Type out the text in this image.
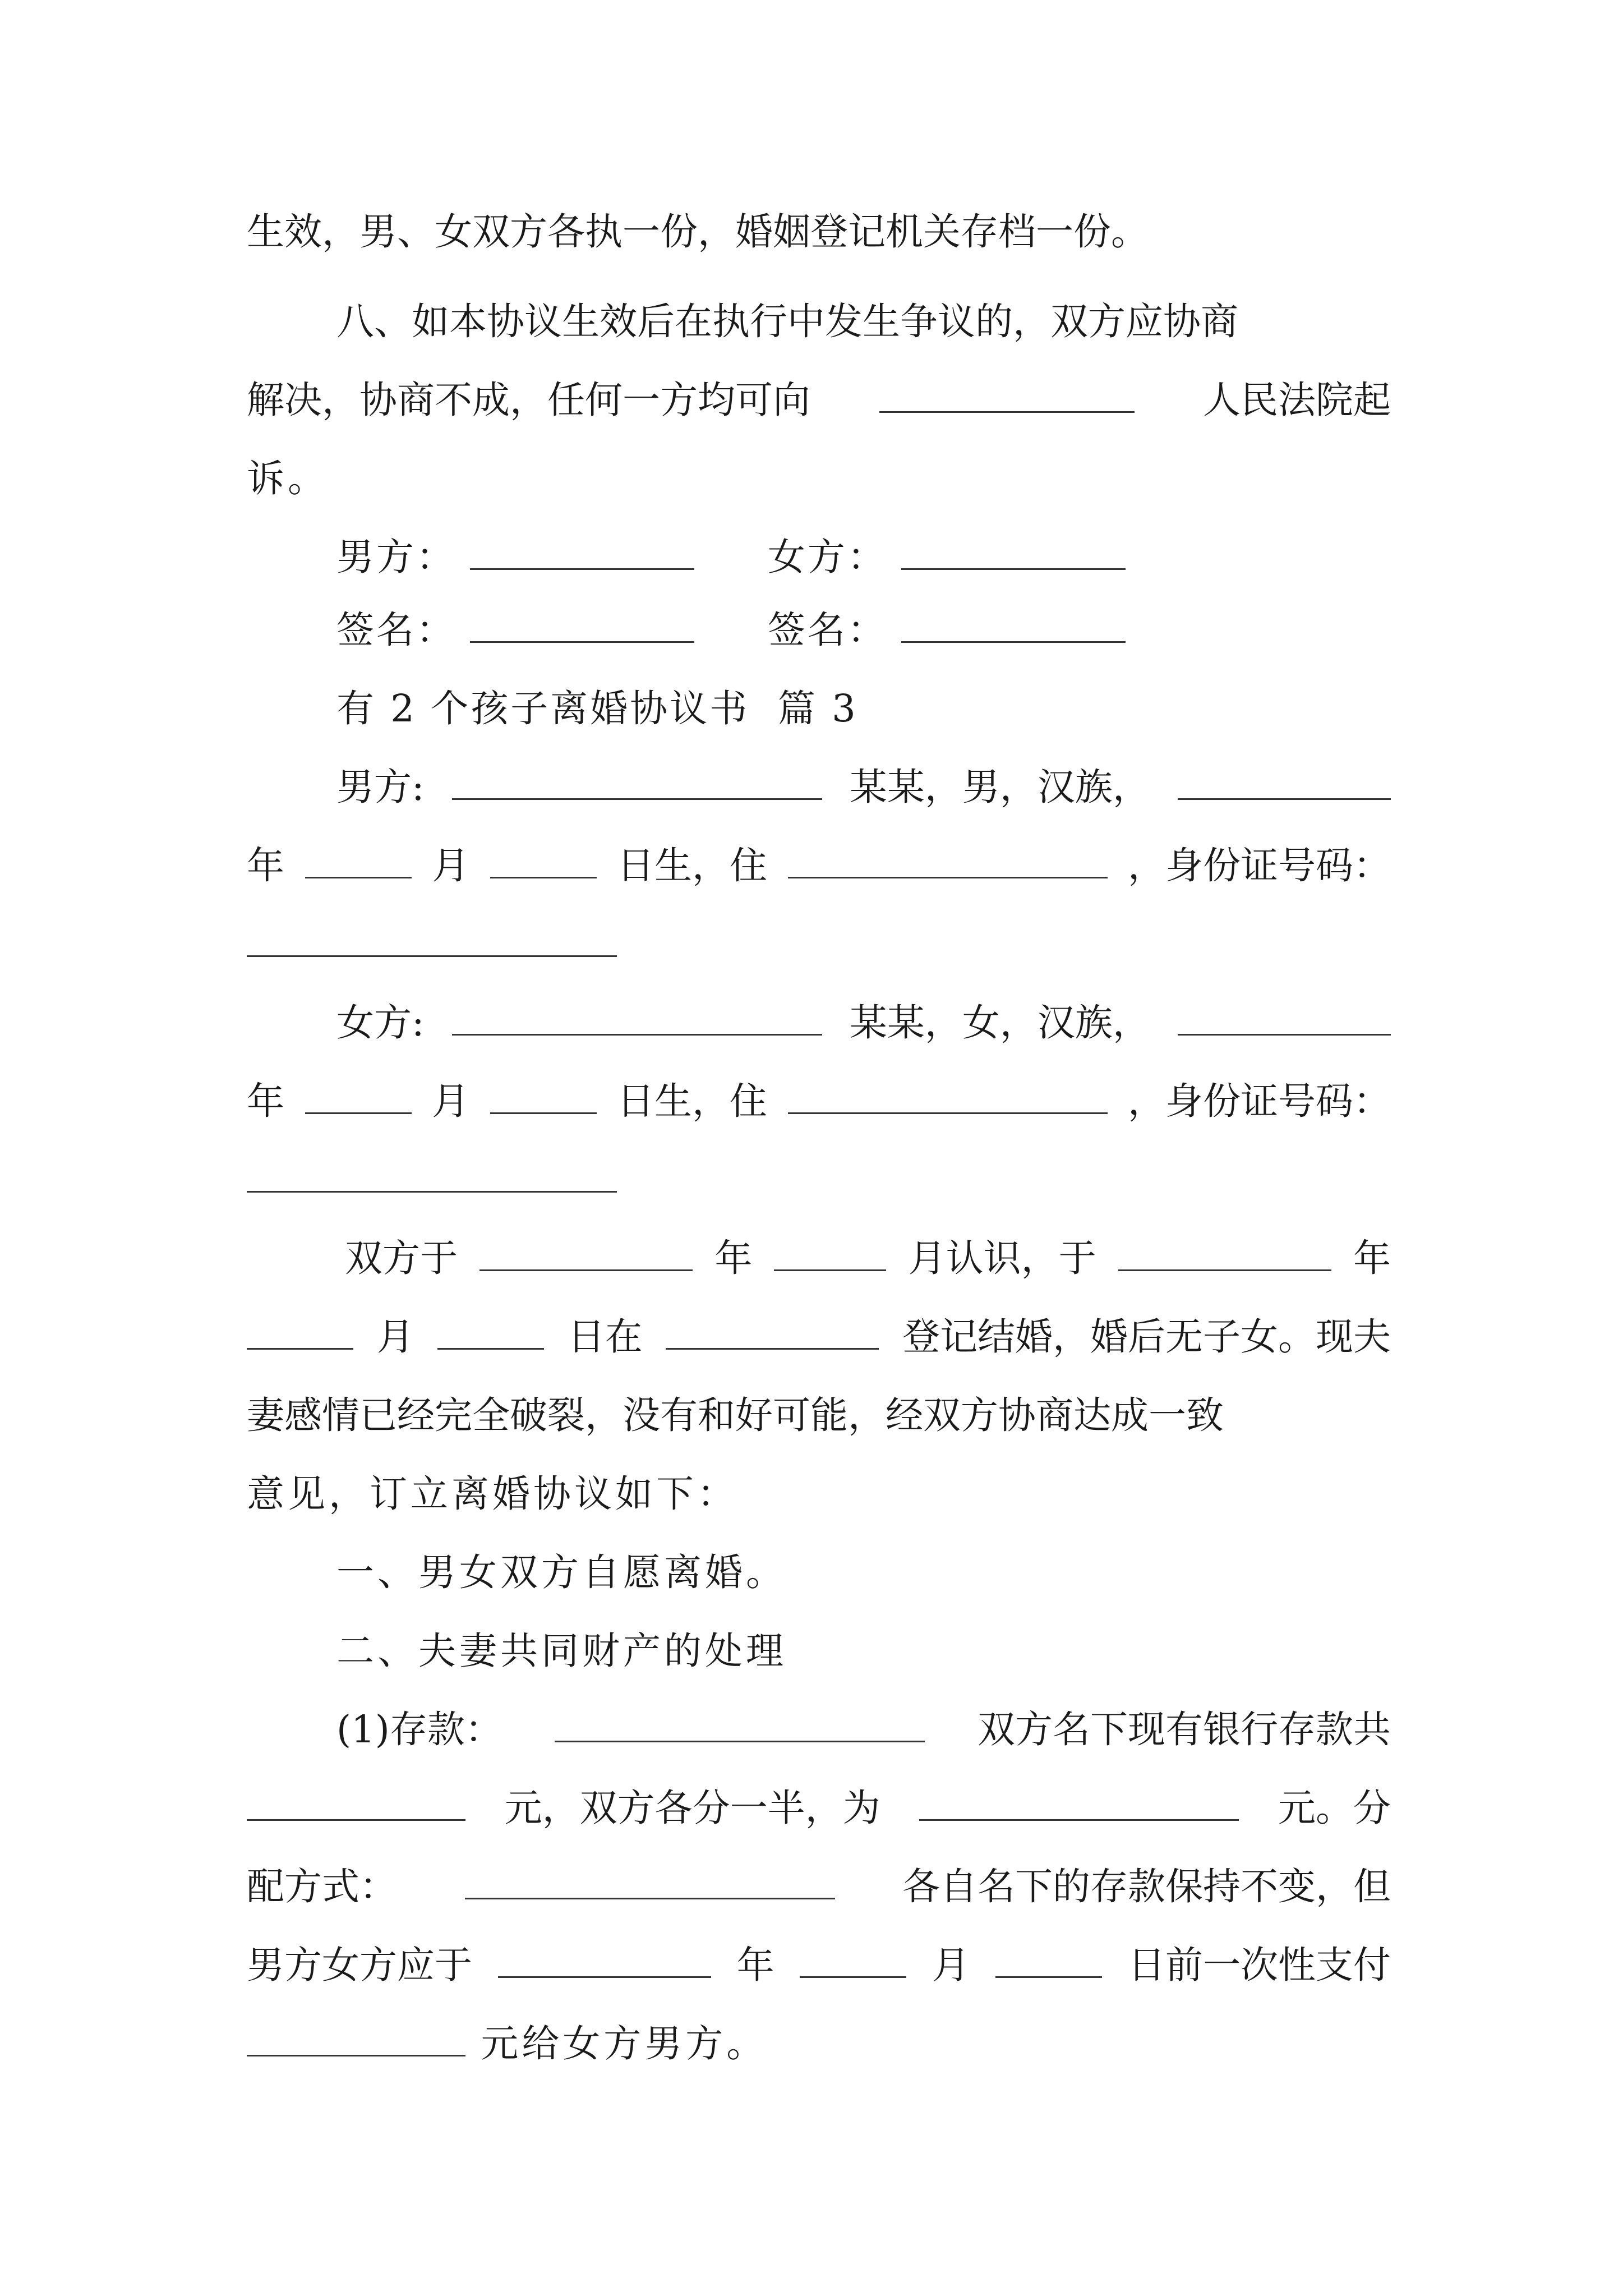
生效，男、女双方各执一份，婚姻登记机关存档一份。
八、如本协议生效后在执行中发生争议的，双方应协商
解决，协商不成，任何一方均可向	人民法院起
诉。
男方：	女方：
签名：	签名：
有 2 个孩子离婚协议书  篇 3
男方:	某某，男，汉族，
年	月	日生，住	，身份证号码：
女方:	某某，女，汉族，
年	月	日生，住	，身份证号码：
双方于	年	月认识，于	年
月	日在	登记结婚，婚后无子女。现夫
妻感情已经完全破裂，没有和好可能，经双方协商达成一致
意见，订立离婚协议如下：
一、男女双方自愿离婚。
二、夫妻共同财产的处理
(1)存款：	双方名下现有银行存款共
元，双方各分一半，为	元。分
配方式：	各自名下的存款保持不变，但
男方女方应于	年	月	日前一次性支付
元给女方男方。
